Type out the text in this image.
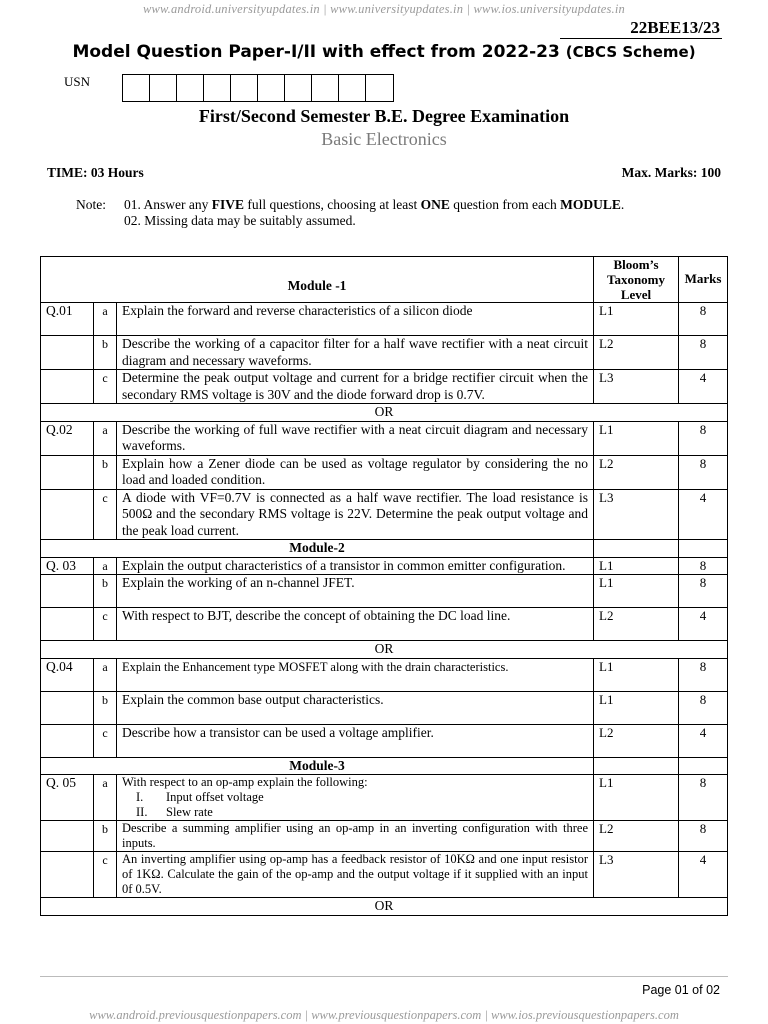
www.android.universityupdates.in | www.universityupdates.in | www.ios.universityupdates.in
22BEE13/23
Model Question Paper-I/II with effect from 2022-23 (CBCS Scheme)
USN
First/Second Semester B.E. Degree Examination
Basic Electronics
TIME: 03 Hours	Max. Marks: 100
Note: 01. Answer any FIVE full questions, choosing at least ONE question from each MODULE.
02. Missing data may be suitably assumed.
Module -1			Bloom’s Taxonomy Level	Marks
Q.01	a	Explain the forward and reverse characteristics of a silicon diode	L1	8
	b	Describe the working of a capacitor filter for a half wave rectifier with a neat circuit diagram and necessary waveforms.	L2	8
	c	Determine the peak output voltage and current for a bridge rectifier circuit when the secondary RMS voltage is 30V and the diode forward drop is 0.7V.	L3	4
OR				
Q.02	a	Describe the working of full wave rectifier with a neat circuit diagram and necessary waveforms.	L1	8
	b	Explain how a Zener diode can be used as voltage regulator by considering the no load and loaded condition.	L2	8
	c	A diode with VF=0.7V is connected as a half wave rectifier. The load resistance is 500Ω and the secondary RMS voltage is 22V. Determine the peak output voltage and the peak load current.	L3	4
Module-2				
Q. 03	a	Explain the output characteristics of a transistor in common emitter configuration.	L1	8
	b	Explain the working of an n-channel JFET.	L1	8
	c	With respect to BJT, describe the concept of obtaining the DC load line.	L2	4
OR				
Q.04	a	Explain the Enhancement type MOSFET along with the drain characteristics.	L1	8
	b	Explain the common base output characteristics.	L1	8
	c	Describe how a transistor can be used a voltage amplifier.	L2	4
Module-3				
Q. 05	a	With respect to an op-amp explain the following:
I. Input offset voltage
II. Slew rate	L1	8
	b	Describe a summing amplifier using an op-amp in an inverting configuration with three inputs.	L2	8
	c	An inverting amplifier using op-amp has a feedback resistor of 10KΩ and one input resistor of 1KΩ. Calculate the gain of the op-amp and the output voltage if it supplied with an input 0f 0.5V.	L3	4
OR				
Page 01 of 02
www.android.previousquestionpapers.com | www.previousquestionpapers.com | www.ios.previousquestionpapers.com
